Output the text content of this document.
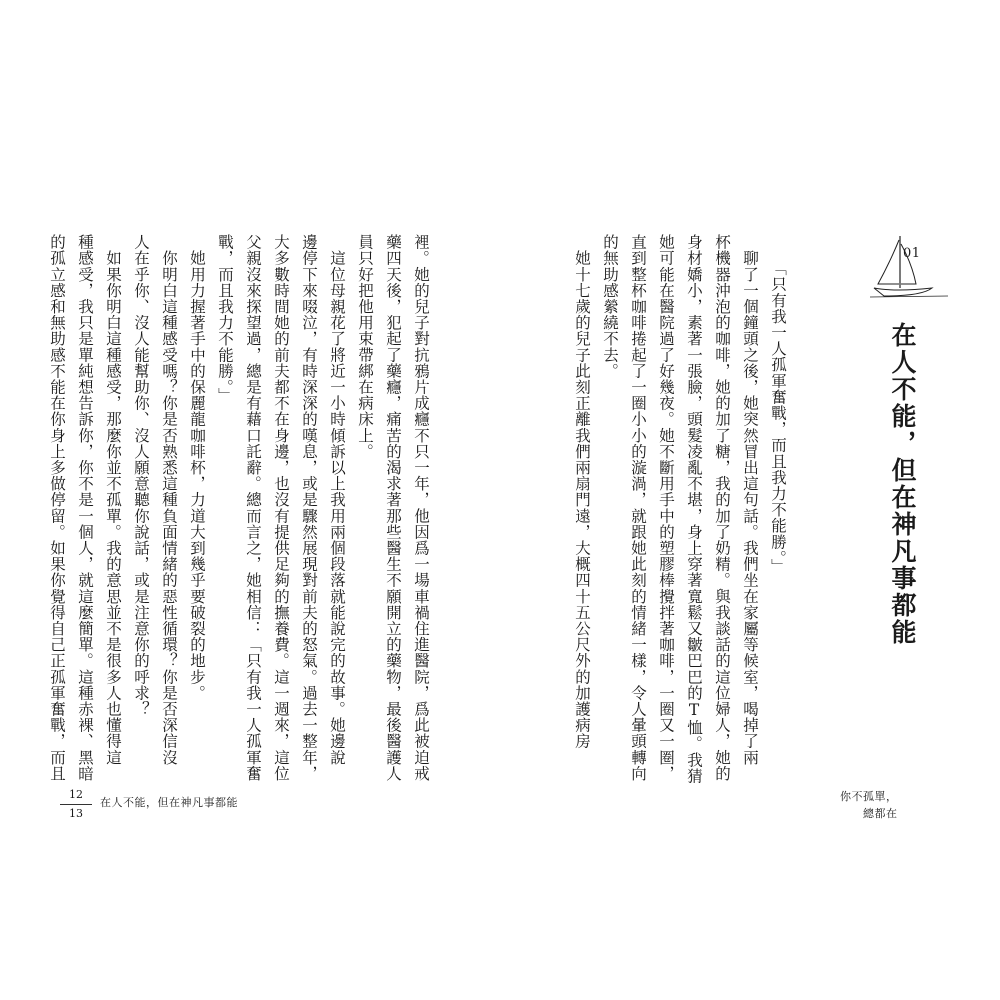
裡。她的兒子對抗鴉片成癮不只一年，他因爲一場車禍住進醫院，爲此被迫戒
藥四天後，犯起了藥癮，痛苦的渴求著那些醫生不願開立的藥物，最後醫護人
員只好把他用束帶綁在病床上。
　這位母親花了將近一小時傾訴以上我用兩個段落就能說完的故事。她邊說
邊停下來啜泣，有時深深的嘆息，或是驟然展現對前夫的怒氣。過去一整年，
大多數時間她的前夫都不在身邊，也沒有提供足夠的撫養費。這一週來，這位
父親沒來探望過，總是有藉口託辭。總而言之，她相信：「只有我一人孤軍奮
戰，而且我力不能勝。」
　她用力握著手中的保麗龍咖啡杯，力道大到幾乎要破裂的地步。
　你明白這種感受嗎？你是否熟悉這種負面情緒的惡性循環？你是否深信沒
人在乎你、沒人能幫助你、沒人願意聽你說話，或是注意你的呼求？
　如果你明白這種感受，那麼你並不孤單。我的意思並不是很多人也懂得這
種感受，我只是單純想告訴你，你不是一個人，就這麼簡單。這種赤裸、黑暗
的孤立感和無助感不能在你身上多做停留。如果你覺得自己正孤軍奮戰，而且
12
13
在人不能，但在神凡事都能
01
在人不能，但在神凡事都能
「只有我一人孤軍奮戰，而且我力不能勝。」
　聊了一個鐘頭之後，她突然冒出這句話。我們坐在家屬等候室，喝掉了兩
杯機器沖泡的咖啡，她的加了糖，我的加了奶精。與我談話的這位婦人，她的
身材嬌小，素著一張臉，頭髮凌亂不堪，身上穿著寬鬆又皺巴巴的T恤。我猜
她可能在醫院過了好幾夜。她不斷用手中的塑膠棒攪拌著咖啡，一圈又一圈，
直到整杯咖啡捲起了一圈小小的漩渦，就跟她此刻的情緒一樣，令人暈頭轉向
的無助感縈繞不去。
　她十七歲的兒子此刻正離我們兩扇門遠，大概四十五公尺外的加護病房
你不孤單，
總都在
